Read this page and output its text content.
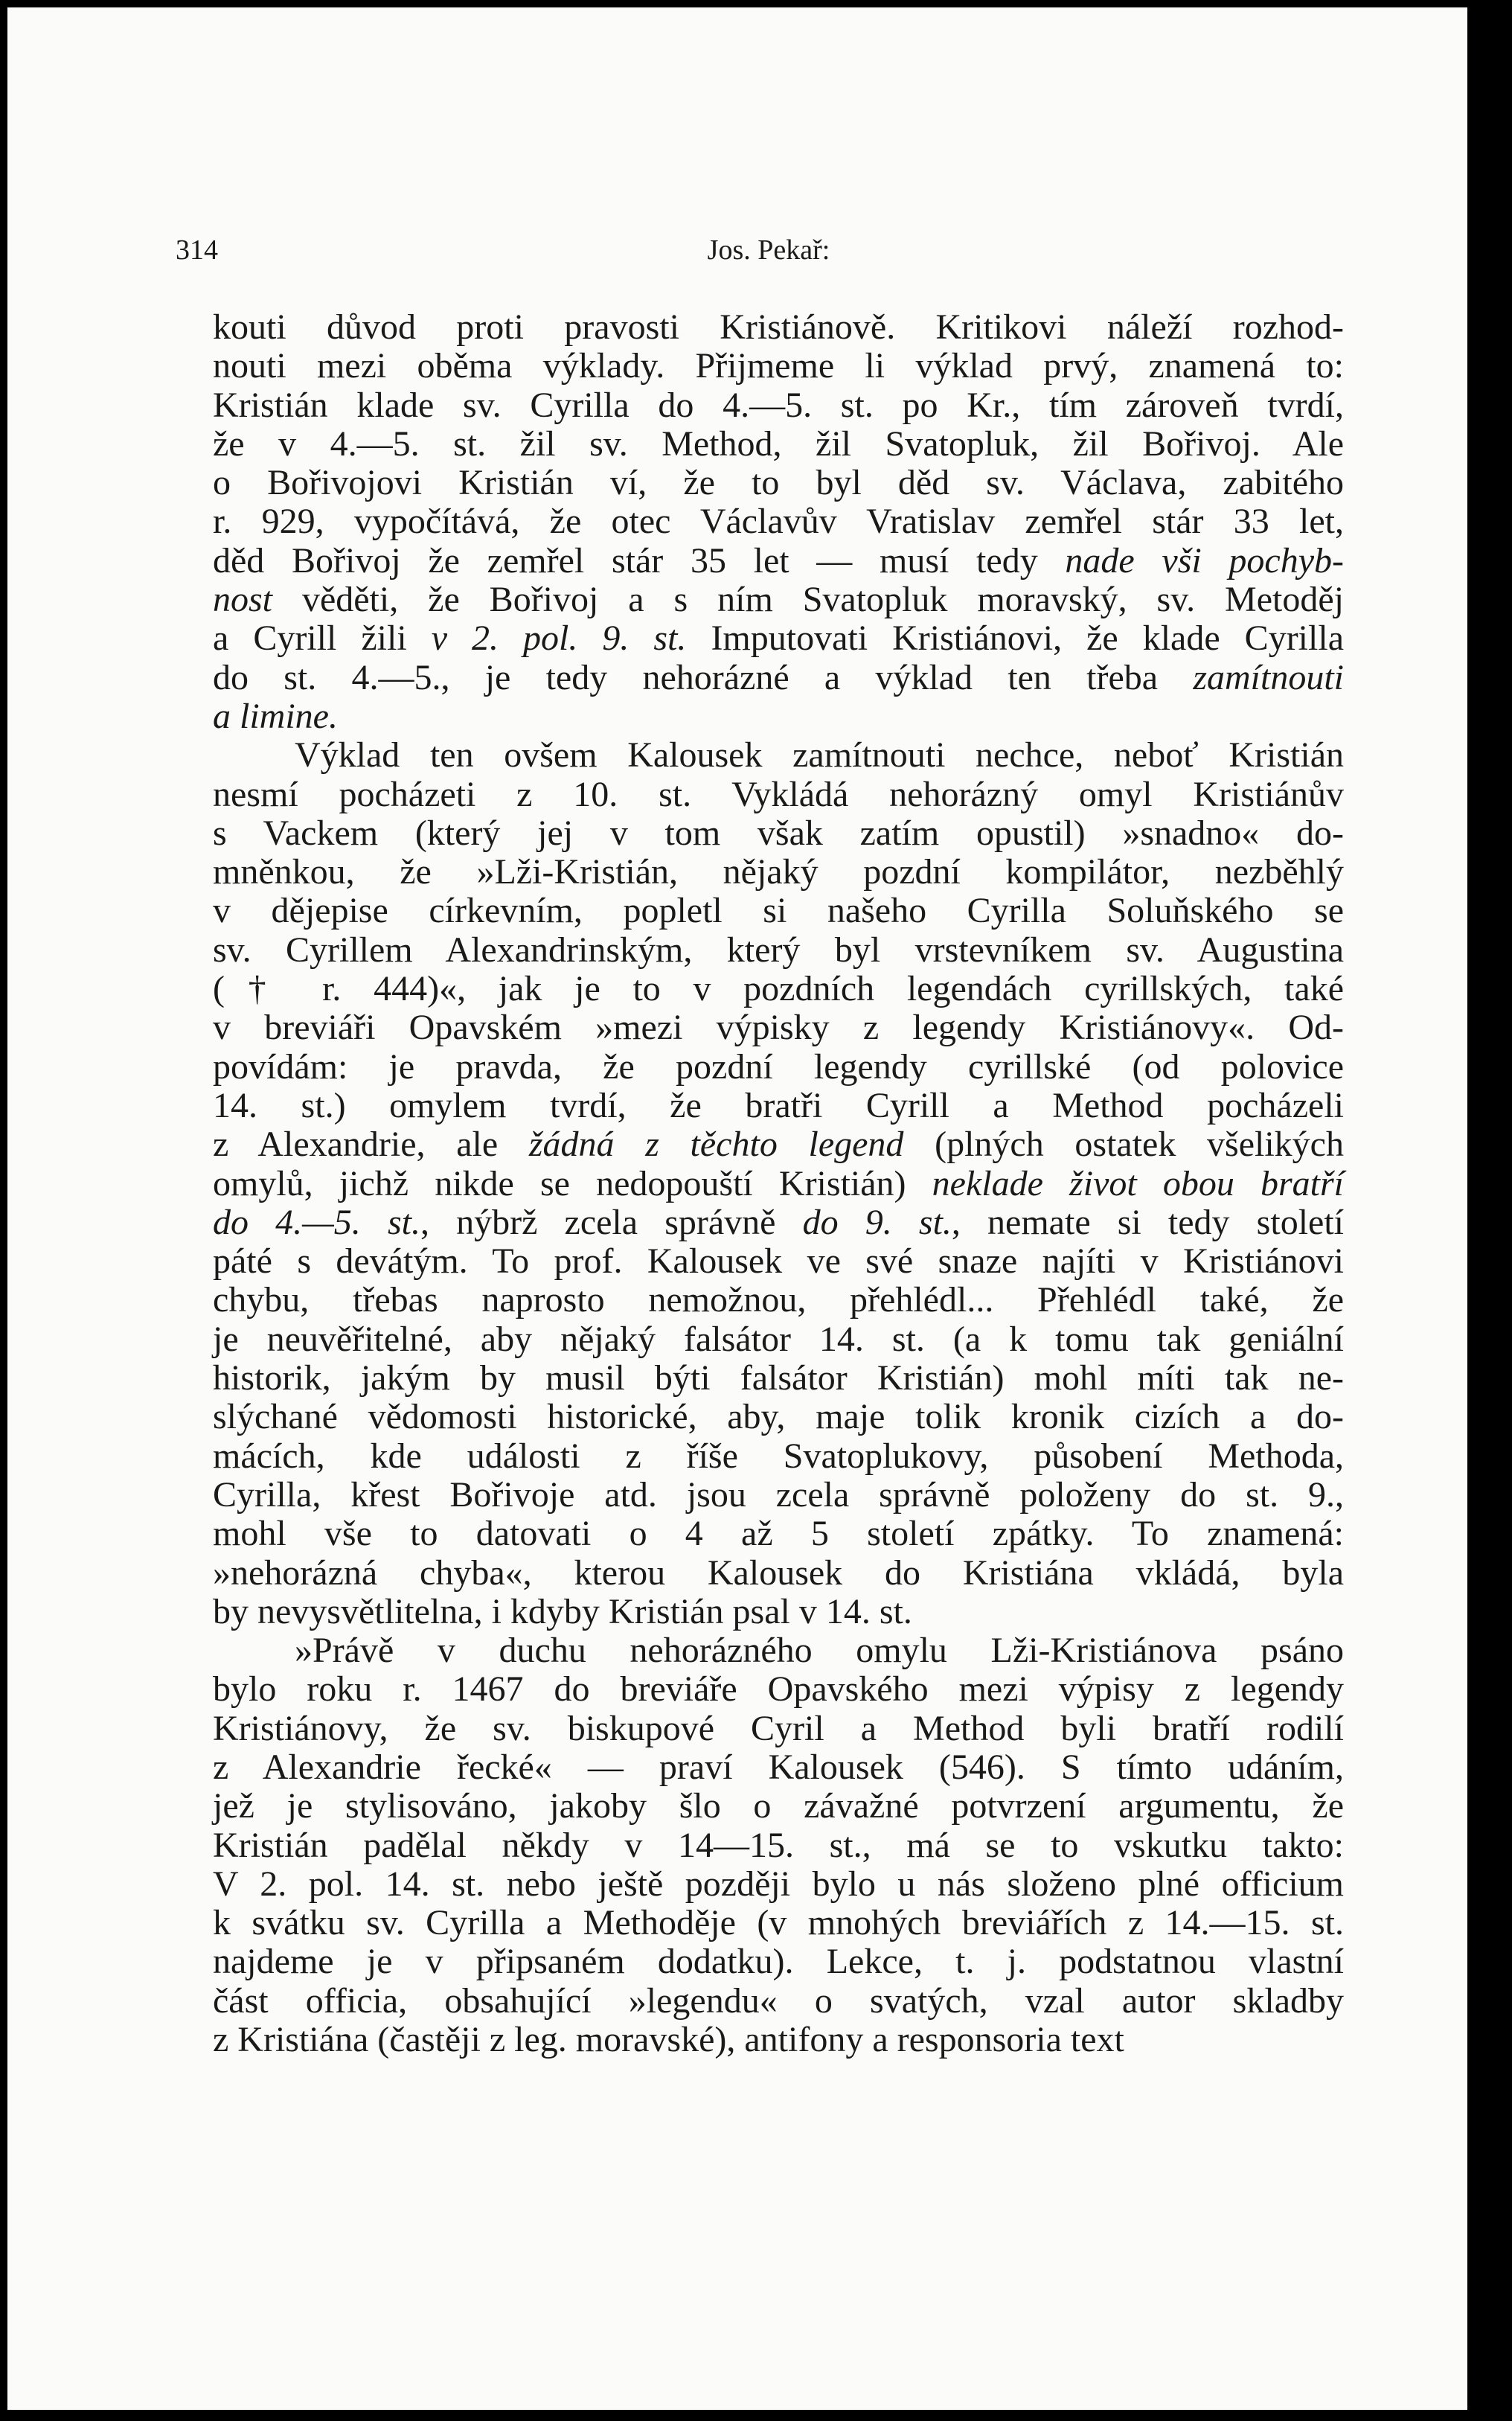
314	Jos. Pekař:
kouti důvod proti pravosti Kristiánově. Kritikovi náleží rozhod-
nouti mezi oběma výklady. Přijmeme li výklad prvý, znamená to:
Kristián klade sv. Cyrilla do 4.—5. st. po Kr., tím zároveň tvrdí,
že v 4.—5. st. žil sv. Method, žil Svatopluk, žil Bořivoj. Ale
o Bořivojovi Kristián ví, že to byl děd sv. Václava, zabitého
r. 929, vypočítává, že otec Václavův Vratislav zemřel stár 33 let,
děd Bořivoj že zemřel stár 35 let — musí tedy nade vši pochyb-
nost věděti, že Bořivoj a s ním Svatopluk moravský, sv. Metoděj
a Cyrill žili v 2. pol. 9. st. Imputovati Kristiánovi, že klade Cyrilla
do st. 4.—5., je tedy nehorázné a výklad ten třeba zamítnouti
a limine.
Výklad ten ovšem Kalousek zamítnouti nechce, neboť Kristián
nesmí pocházeti z 10. st. Vykládá nehorázný omyl Kristiánův
s Vackem (který jej v tom však zatím opustil) »snadno« do-
mněnkou, že »Lži-Kristián, nějaký pozdní kompilátor, nezběhlý
v dějepise církevním, popletl si našeho Cyrilla Soluňského se
sv. Cyrillem Alexandrinským, který byl vrstevníkem sv. Augustina
(† r. 444)«, jak je to v pozdních legendách cyrillských, také
v breviáři Opavském »mezi výpisky z legendy Kristiánovy«. Od-
povídám: je pravda, že pozdní legendy cyrillské (od polovice
14. st.) omylem tvrdí, že bratři Cyrill a Method pocházeli
z Alexandrie, ale žádná z těchto legend (plných ostatek všelikých
omylů, jichž nikde se nedopouští Kristián) neklade život obou bratří
do 4.—5. st., nýbrž zcela správně do 9. st., nemate si tedy století
páté s devátým. To prof. Kalousek ve své snaze najíti v Kristiánovi
chybu, třebas naprosto nemožnou, přehlédl... Přehlédl také, že
je neuvěřitelné, aby nějaký falsátor 14. st. (a k tomu tak geniální
historik, jakým by musil býti falsátor Kristián) mohl míti tak ne-
slýchané vědomosti historické, aby, maje tolik kronik cizích a do-
mácích, kde události z říše Svatoplukovy, působení Methoda,
Cyrilla, křest Bořivoje atd. jsou zcela správně položeny do st. 9.,
mohl vše to datovati o 4 až 5 století zpátky. To znamená:
»nehorázná chyba«, kterou Kalousek do Kristiána vkládá, byla
by nevysvětlitelna, i kdyby Kristián psal v 14. st.
»Právě v duchu nehorázného omylu Lži-Kristiánova psáno
bylo roku r. 1467 do breviáře Opavského mezi výpisy z legendy
Kristiánovy, že sv. biskupové Cyril a Method byli bratří rodilí
z Alexandrie řecké« — praví Kalousek (546). S tímto udáním,
jež je stylisováno, jakoby šlo o závažné potvrzení argumentu, že
Kristián padělal někdy v 14—15. st., má se to vskutku takto:
V 2. pol. 14. st. nebo ještě později bylo u nás složeno plné officium
k svátku sv. Cyrilla a Methoděje (v mnohých breviářích z 14.—15. st.
najdeme je v připsaném dodatku). Lekce, t. j. podstatnou vlastní
část officia, obsahující »legendu« o svatých, vzal autor skladby
z Kristiána (častěji z leg. moravské), antifony a responsoria text
